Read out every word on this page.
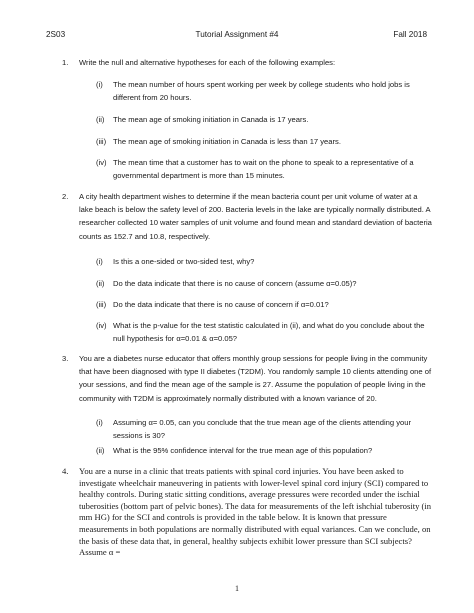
2S03	Tutorial Assignment #4	Fall 2018
1. Write the null and alternative hypotheses for each of the following examples:
(i) The mean number of hours spent working per week by college students who hold jobs is different from 20 hours.
(ii) The mean age of smoking initiation in Canada is 17 years.
(iii) The mean age of smoking initiation in Canada is less than 17 years.
(iv) The mean time that a customer has to wait on the phone to speak to a representative of a governmental department is more than 15 minutes.
2. A city health department wishes to determine if the mean bacteria count per unit volume of water at a lake beach is below the safety level of 200. Bacteria levels in the lake are typically normally distributed. A researcher collected 10 water samples of unit volume and found mean and standard deviation of bacteria counts as 152.7 and 10.8, respectively.
(i) Is this a one-sided or two-sided test, why?
(ii) Do the data indicate that there is no cause of concern (assume α=0.05)?
(iii) Do the data indicate that there is no cause of concern if α=0.01?
(iv) What is the p-value for the test statistic calculated in (ii), and what do you conclude about the null hypothesis for α=0.01 & α=0.05?
3. You are a diabetes nurse educator that offers monthly group sessions for people living in the community that have been diagnosed with type II diabetes (T2DM). You randomly sample 10 clients attending one of your sessions, and find the mean age of the sample is 27. Assume the population of people living in the community with T2DM is approximately normally distributed with a known variance of 20.
(i) Assuming α= 0.05, can you conclude that the true mean age of the clients attending your sessions is 30?
(ii) What is the 95% confidence interval for the true mean age of this population?
4. You are a nurse in a clinic that treats patients with spinal cord injuries. You have been asked to investigate wheelchair maneuvering in patients with lower-level spinal cord injury (SCI) compared to healthy controls. During static sitting conditions, average pressures were recorded under the ischial tuberosities (bottom part of pelvic bones). The data for measurements of the left ishchial tuberosity (in mm HG) for the SCI and controls is provided in the table below. It is known that pressure measurements in both populations are normally distributed with equal variances. Can we conclude, on the basis of these data that, in general, healthy subjects exhibit lower pressure than SCI subjects? Assume α =
1
